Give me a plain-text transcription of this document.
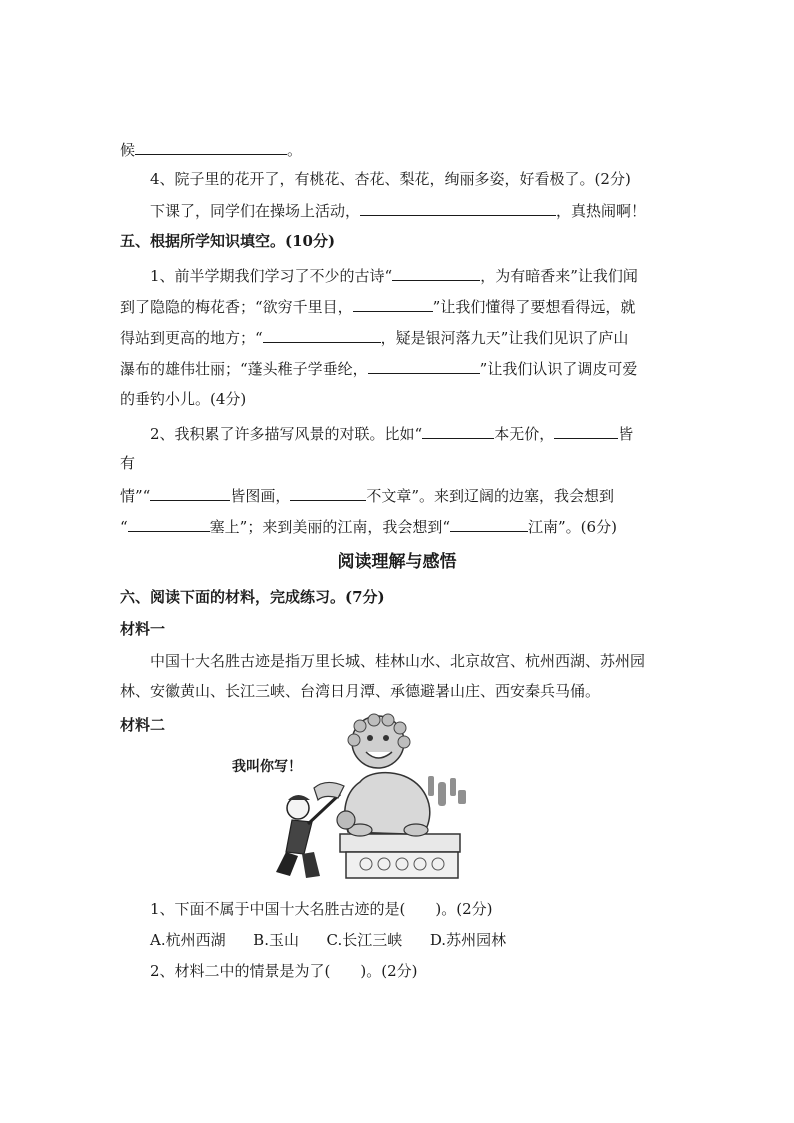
候	。
4、院子里的花开了，有桃花、杏花、梨花，绚丽多姿，好看极了。(2分)
下课了，同学们在操场上活动，	，真热闹啊！
五、根据所学知识填空。(10分)
1、前半学期我们学习了不少的古诗“	，为有暗香来”让我们闻
到了隐隐的梅花香；“欲穷千里目，	”让我们懂得了要想看得远，就
得站到更高的地方；“	，疑是银河落九天”让我们见识了庐山
瀑布的雄伟壮丽；“蓬头稚子学垂纶，	”让我们认识了调皮可爱
的垂钓小儿。(4分)
2、我积累了许多描写风景的对联。比如“	本无价，	皆
有
情”“	皆图画，	不文章”。来到辽阔的边塞，我会想到
“	塞上”；来到美丽的江南，我会想到“	江南”。(6分)
阅读理解与感悟
六、阅读下面的材料，完成练习。(7分)
材料一
中国十大名胜古迹是指万里长城、桂林山水、北京故宫、杭州西湖、苏州园
林、安徽黄山、长江三峡、台湾日月潭、承德避暑山庄、西安秦兵马俑。
材料二
我叫你写！
1、下面不属于中国十大名胜古迹的是(　　)。(2分)
A.杭州西湖 B.玉山 C.长江三峡 D.苏州园林
2、材料二中的情景是为了(　　)。(2分)
